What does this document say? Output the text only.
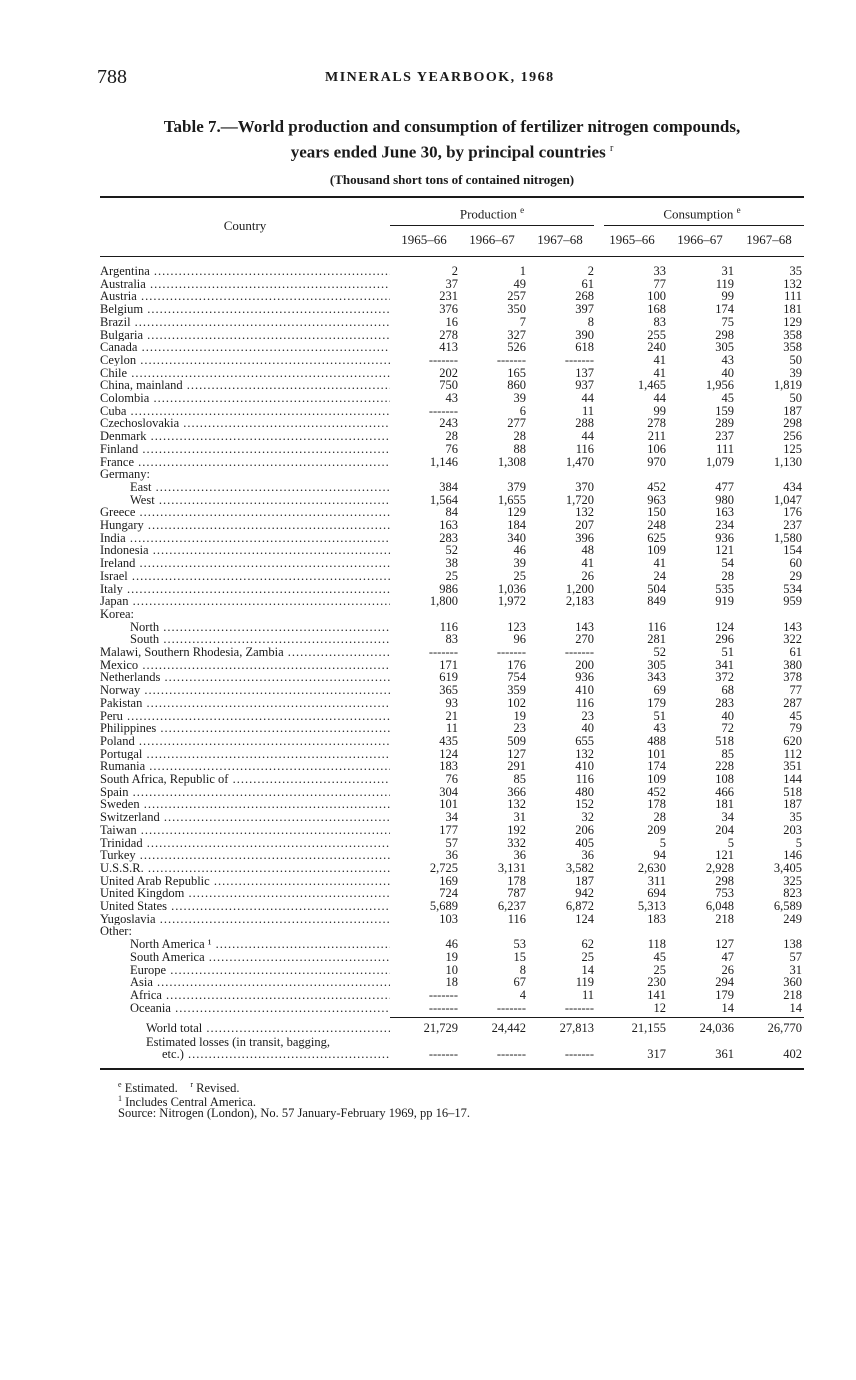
788	MINERALS YEARBOOK, 1968
Table 7.—World production and consumption of fertilizer nitrogen compounds,
years ended June 30, by principal countries $^r$
(Thousand short tons of contained nitrogen)
Country
Production $^e$	Consumption $^e$
1965–66	1966–67	1967–68	1965–66	1966–67	1967–68
Argentina .....	2	1	2	33	31	35
Australia .....	37	49	61	77	119	132
Austria .....	231	257	268	100	99	111
Belgium .....	376	350	397	168	174	181
Brazil .....	16	7	8	83	75	129
Bulgaria .....	278	327	390	255	298	358
Canada .....	413	526	618	240	305	358
Ceylon .....	-------	-------	-------	41	43	50
Chile .....	202	165	137	41	40	39
China, mainland .....	750	860	937	1,465	1,956	1,819
Colombia .....	43	39	44	44	45	50
Cuba .....	-------	6	11	99	159	187
Czechoslovakia .....	243	277	288	278	289	298
Denmark .....	28	28	44	211	237	256
Finland .....	76	88	116	106	111	125
France .....	1,146	1,308	1,470	970	1,079	1,130
Germany:
East .....	384	379	370	452	477	434
West .....	1,564	1,655	1,720	963	980	1,047
Greece .....	84	129	132	150	163	176
Hungary .....	163	184	207	248	234	237
India .....	283	340	396	625	936	1,580
Indonesia .....	52	46	48	109	121	154
Ireland .....	38	39	41	41	54	60
Israel .....	25	25	26	24	28	29
Italy .....	986	1,036	1,200	504	535	534
Japan .....	1,800	1,972	2,183	849	919	959
Korea:
North .....	116	123	143	116	124	143
South .....	83	96	270	281	296	322
Malawi, Southern Rhodesia, Zambia .....	-------	-------	-------	52	51	61
Mexico .....	171	176	200	305	341	380
Netherlands .....	619	754	936	343	372	378
Norway .....	365	359	410	69	68	77
Pakistan .....	93	102	116	179	283	287
Peru .....	21	19	23	51	40	45
Philippines .....	11	23	40	43	72	79
Poland .....	435	509	655	488	518	620
Portugal .....	124	127	132	101	85	112
Rumania .....	183	291	410	174	228	351
South Africa, Republic of .....	76	85	116	109	108	144
Spain .....	304	366	480	452	466	518
Sweden .....	101	132	152	178	181	187
Switzerland .....	34	31	32	28	34	35
Taiwan .....	177	192	206	209	204	203
Trinidad .....	57	332	405	5	5	5
Turkey .....	36	36	36	94	121	146
U.S.S.R. .....	2,725	3,131	3,582	2,630	2,928	3,405
United Arab Republic .....	169	178	187	311	298	325
United Kingdom .....	724	787	942	694	753	823
United States .....	5,689	6,237	6,872	5,313	6,048	6,589
Yugoslavia .....	103	116	124	183	218	249
Other:
North America ¹ .....	46	53	62	118	127	138
South America .....	19	15	25	45	47	57
Europe .....	10	8	14	25	26	31
Asia .....	18	67	119	230	294	360
Africa .....	-------	4	11	141	179	218
Oceania .....	-------	-------	-------	12	14	14
World total .....	21,729	24,442	27,813	21,155	24,036	26,770
Estimated losses (in transit, bagging,
etc.) .....	-------	-------	-------	317	361	402
$^e$ Estimated. $^r$ Revised.
$^1$ Includes Central America.
Source: Nitrogen (London), No. 57 January-February 1969, pp 16–17.
